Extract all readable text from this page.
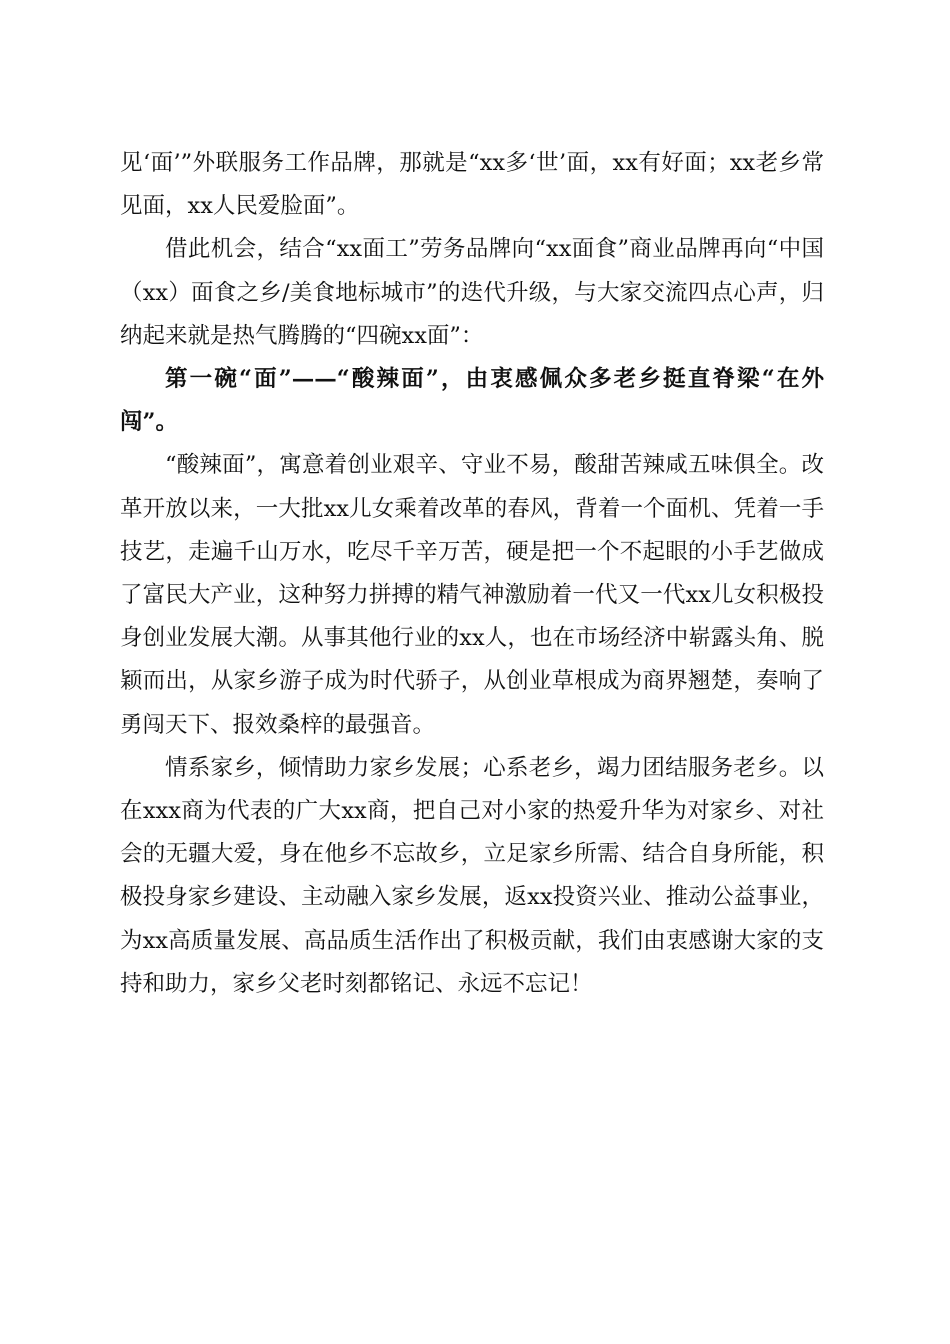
见‘面’”外联服务工作品牌，那就是“xx多‘世’面，xx有好面；xx老乡常见面，xx人民爱脸面”。

借此机会，结合“xx面工”劳务品牌向“xx面食”商业品牌再向“中国（xx）面食之乡/美食地标城市”的迭代升级，与大家交流四点心声，归纳起来就是热气腾腾的“四碗xx面”：

第一碗“面”——“酸辣面”，由衷感佩众多老乡挺直脊梁“在外闯”。

“酸辣面”，寓意着创业艰辛、守业不易，酸甜苦辣咸五味俱全。改革开放以来，一大批xx儿女乘着改革的春风，背着一个面机、凭着一手技艺，走遍千山万水，吃尽千辛万苦，硬是把一个不起眼的小手艺做成了富民大产业，这种努力拼搏的精气神激励着一代又一代xx儿女积极投身创业发展大潮。从事其他行业的xx人，也在市场经济中崭露头角、脱颖而出，从家乡游子成为时代骄子，从创业草根成为商界翘楚，奏响了勇闯天下、报效桑梓的最强音。

情系家乡，倾情助力家乡发展；心系老乡，竭力团结服务老乡。以在xxx商为代表的广大xx商，把自己对小家的热爱升华为对家乡、对社会的无疆大爱，身在他乡不忘故乡，立足家乡所需、结合自身所能，积极投身家乡建设、主动融入家乡发展，返xx投资兴业、推动公益事业，为xx高质量发展、高品质生活作出了积极贡献，我们由衷感谢大家的支持和助力，家乡父老时刻都铭记、永远不忘记！
